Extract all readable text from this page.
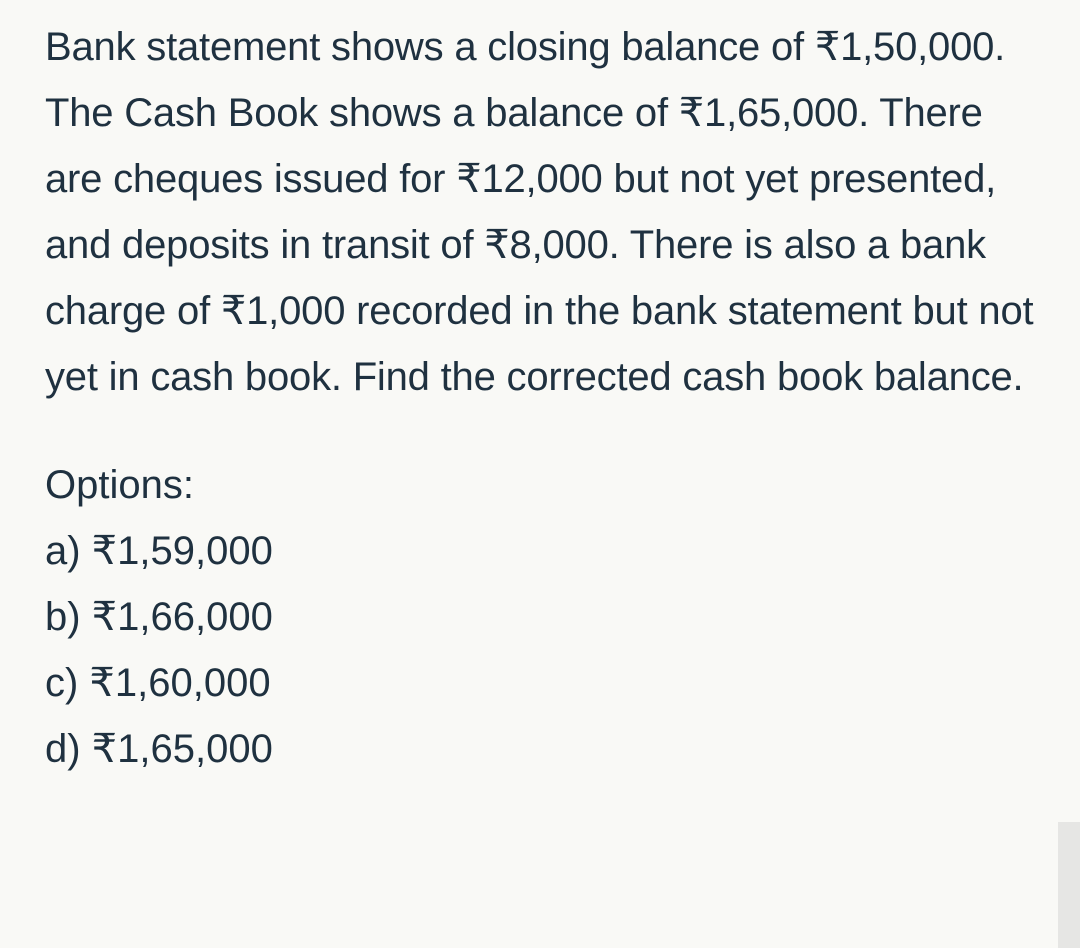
Bank statement shows a closing balance of ₹1,50,000. The Cash Book shows a balance of ₹1,65,000. There are cheques issued for ₹12,000 but not yet presented, and deposits in transit of ₹8,000. There is also a bank charge of ₹1,000 recorded in the bank statement but not yet in cash book. Find the corrected cash book balance.

Options:

a) ₹1,59,000
b) ₹1,66,000
c) ₹1,60,000
d) ₹1,65,000
